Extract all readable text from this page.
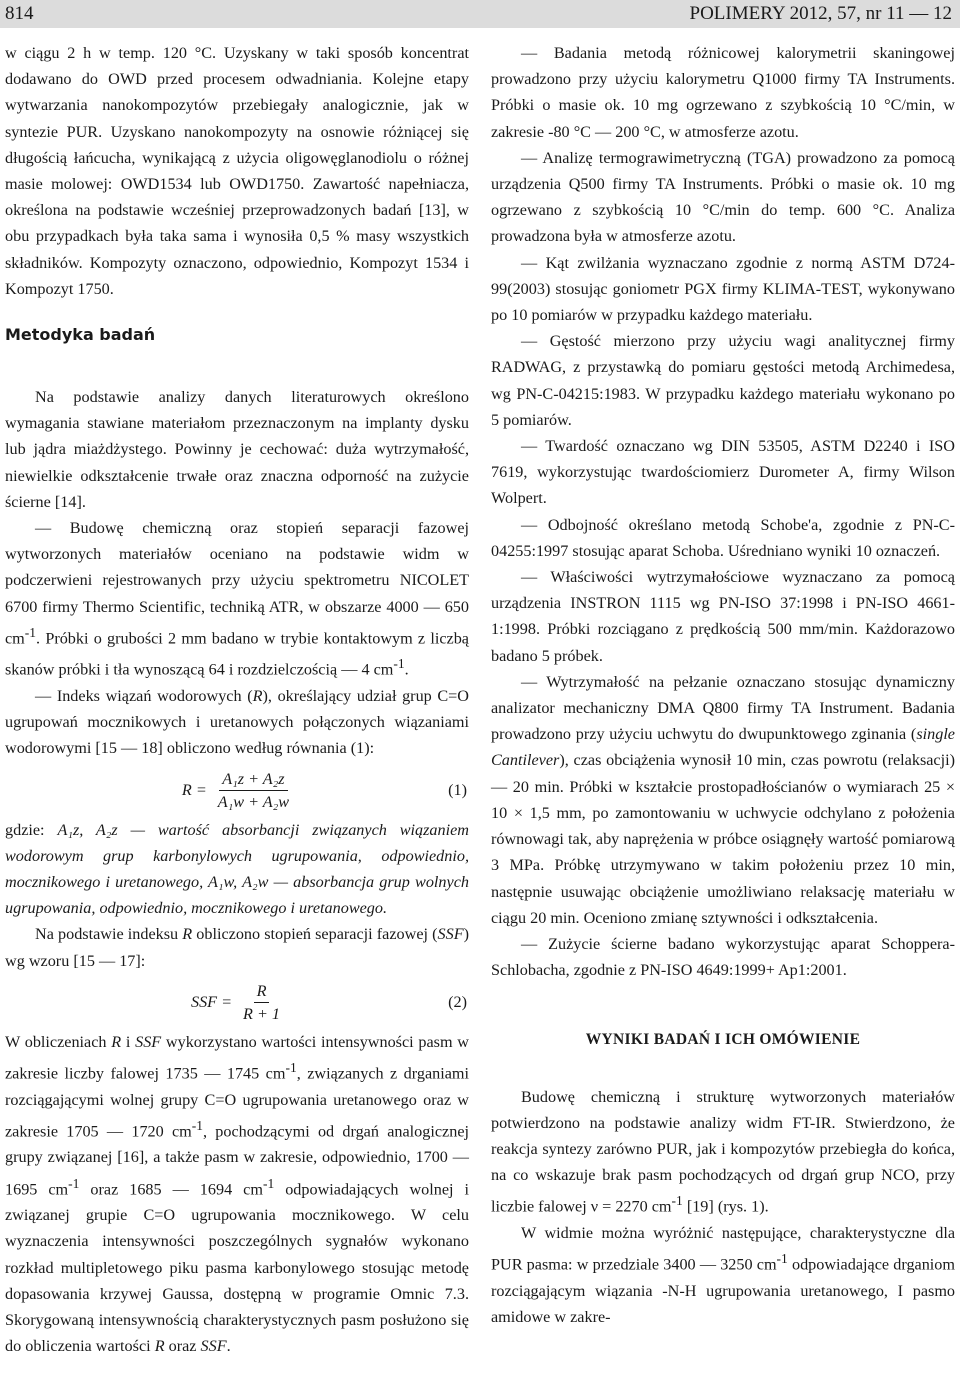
814	POLIMERY 2012, 57, nr 11 — 12

w ciągu 2 h w temp. 120 °C. Uzyskany w taki sposób koncentrat dodawano do OWD przed procesem odwadniania. Kolejne etapy wytwarzania nanokompozytów przebiegały analogicznie, jak w syntezie PUR. Uzyskano nanokompozyty na osnowie różniącej się długością łańcucha, wynikającą z użycia oligowęglanodiolu o różnej masie molowej: OWD1534 lub OWD1750. Zawartość napełniacza, określona na podstawie wcześniej przeprowadzonych badań [13], w obu przypadkach była taka sama i wynosiła 0,5 % masy wszystkich składników. Kompozyty oznaczono, odpowiednio, Kompozyt 1534 i Kompozyt 1750.

Metodyka badań

Na podstawie analizy danych literaturowych określono wymagania stawiane materiałom przeznaczonym na implanty dysku lub jądra miażdżystego. Powinny je cechować: duża wytrzymałość, niewielkie odkształcenie trwałe oraz znaczna odporność na zużycie ścierne [14].

— Budowę chemiczną oraz stopień separacji fazowej wytworzonych materiałów oceniano na podstawie widm w podczerwieni rejestrowanych przy użyciu spektrometru NICOLET 6700 firmy Thermo Scientific, techniką ATR, w obszarze 4000 — 650 $cm^{-1}$. Próbki o grubości 2 mm badano w trybie kontaktowym z liczbą skanów próbki i tła wynoszącą 64 i rozdzielczością — 4 $cm^{-1}$.

— Indeks wiązań wodorowych (R), określający udział grup C=O ugrupowań mocznikowych i uretanowych połączonych wiązaniami wodorowymi [15 — 18] obliczono według równania (1):

$R = \frac{\text{A₁z + A₂z}}{\text{A₁w + A₂w}}$	(1)

gdzie: A₁z, A₂z — wartość absorbancji związanych wiązaniem wodorowym grup karbonylowych ugrupowania, odpowiednio, mocznikowego i uretanowego, A₁w, A₂w — absorbancja grup wolnych ugrupowania, odpowiednio, mocznikowego i uretanowego.

Na podstawie indeksu R obliczono stopień separacji fazowej (SSF) wg wzoru [15 — 17]:

SSF = $\frac{R}{R + 1}$	(2)

W obliczeniach R i SSF wykorzystano wartości intensywności pasm w zakresie liczby falowej 1735 — 1745 $cm^{-1}$, związanych z drganiami rozciągającymi wolnej grupy C=O ugrupowania uretanowego oraz w zakresie 1705 — 1720 $cm^{-1}$, pochodzącymi od drgań analogicznej grupy związanej [16], a także pasm w zakresie, odpowiednio, 1700 — 1695 $cm^{-1}$ oraz 1685 — 1694 $cm^{-1}$ odpowiadających wolnej i związanej grupie C=O ugrupowania mocznikowego. W celu wyznaczenia intensywności poszczególnych sygnałów wykonano rozkład multipletowego piku pasma karbonylowego stosując metodę dopasowania krzywej Gaussa, dostępną w programie Omnic 7.3. Skorygowaną intensywnością charakterystycznych pasm posłużono się do obliczenia wartości R oraz SSF.

— Badania metodą różnicowej kalorymetrii skaningowej prowadzono przy użyciu kalorymetru Q1000 firmy TA Instruments. Próbki o masie ok. 10 mg ogrzewano z szybkością 10 °C/min, w zakresie -80 °C — 200 °C, w atmosferze azotu.

— Analizę termograwimetryczną (TGA) prowadzono za pomocą urządzenia Q500 firmy TA Instruments. Próbki o masie ok. 10 mg ogrzewano z szybkością 10 °C/min do temp. 600 °C. Analiza prowadzona była w atmosferze azotu.

— Kąt zwilżania wyznaczano zgodnie z normą ASTM D724-99(2003) stosując goniometr PGX firmy KLIMA-TEST, wykonywano po 10 pomiarów w przypadku każdego materiału.

— Gęstość mierzono przy użyciu wagi analitycznej firmy RADWAG, z przystawką do pomiaru gęstości metodą Archimedesa, wg PN-C-04215:1983. W przypadku każdego materiału wykonano po 5 pomiarów.

— Twardość oznaczano wg DIN 53505, ASTM D2240 i ISO 7619, wykorzystując twardościomierz Durometer A, firmy Wilson Wolpert.

— Odbojność określano metodą Schobe'a, zgodnie z PN-C-04255:1997 stosując aparat Schoba. Uśredniano wyniki 10 oznaczeń.

— Właściwości wytrzymałościowe wyznaczano za pomocą urządzenia INSTRON 1115 wg PN-ISO 37:1998 i PN-ISO 4661-1:1998. Próbki rozciągano z prędkością 500 mm/min. Każdorazowo badano 5 próbek.

— Wytrzymałość na pełzanie oznaczano stosując dynamiczny analizator mechaniczny DMA Q800 firmy TA Instrument. Badania prowadzono przy użyciu uchwytu do dwupunktowego zginania (single Cantilever), czas obciążenia wynosił 10 min, czas powrotu (relaksacji) — 20 min. Próbki w kształcie prostopadłościanów o wymiarach 25 × 10 × 1,5 mm, po zamontowaniu w uchwycie odchylano z położenia równowagi tak, aby naprężenia w próbce osiągnęły wartość pomiarową 3 MPa. Próbkę utrzymywano w takim położeniu przez 10 min, następnie usuwając obciążenie umożliwiano relaksację materiału w ciągu 20 min. Oceniono zmianę sztywności i odkształcenia.

— Zużycie ścierne badano wykorzystując aparat Schoppera-Schlobacha, zgodnie z PN-ISO 4649:1999+ Ap1:2001.

WYNIKI BADAŃ I ICH OMÓWIENIE

Budowę chemiczną i strukturę wytworzonych materiałów potwierdzono na podstawie analizy widm FT-IR. Stwierdzono, że reakcja syntezy zarówno PUR, jak i kompozytów przebiegła do końca, na co wskazuje brak pasm pochodzących od drgań grup NCO, przy liczbie falowej ν = 2270 $cm^{-1}$ [19] (rys. 1).

W widmie można wyróżnić następujące, charakterystyczne dla PUR pasma: w przedziale 3400 — 3250 $cm^{-1}$ odpowiadające drganiom rozciągającym wiązania -N-H ugrupowania uretanowego, I pasmo amidowe w zakre-
